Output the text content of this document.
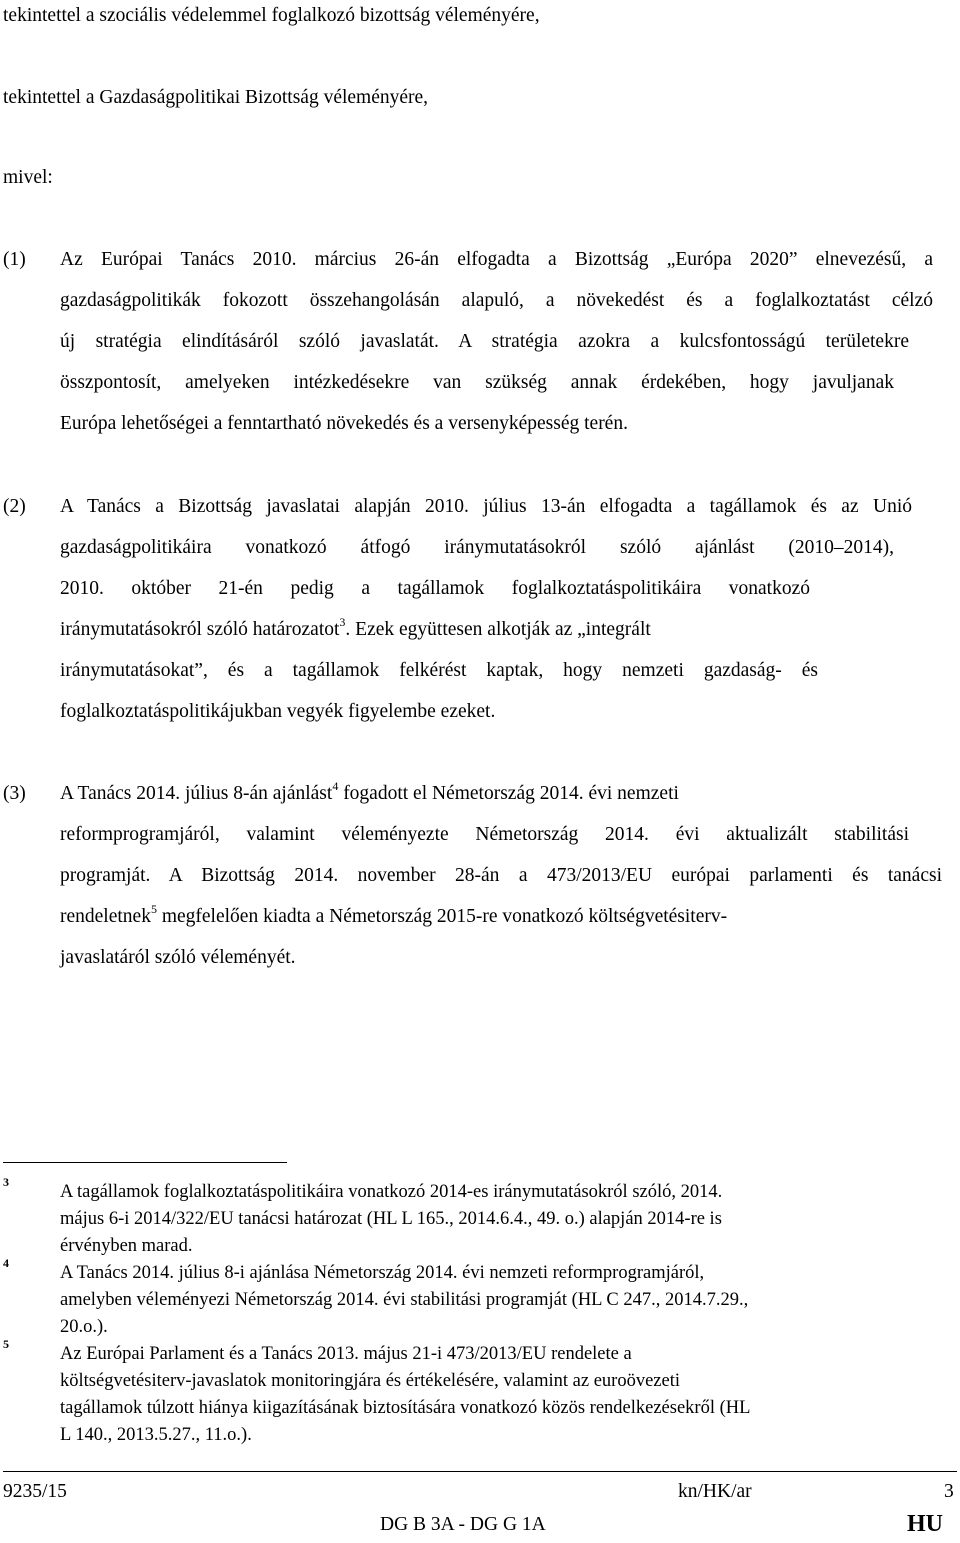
tekintettel a szociális védelemmel foglalkozó bizottság véleményére,
tekintettel a Gazdaságpolitikai Bizottság véleményére,
mivel:
(1) Az Európai Tanács 2010. március 26-án elfogadta a Bizottság „Európa 2020” elnevezésű, a
gazdaságpolitikák fokozott összehangolásán alapuló, a növekedést és a foglalkoztatást célzó
új stratégia elindításáról szóló javaslatát. A stratégia azokra a kulcsfontosságú területekre
összpontosít, amelyeken intézkedésekre van szükség annak érdekében, hogy javuljanak
Európa lehetőségei a fenntartható növekedés és a versenyképesség terén.
(2) A Tanács a Bizottság javaslatai alapján 2010. július 13-án elfogadta a tagállamok és az Unió
gazdaságpolitikáira vonatkozó átfogó iránymutatásokról szóló ajánlást (2010–2014),
2010. október 21-én pedig a tagállamok foglalkoztatáspolitikáira vonatkozó
iránymutatásokról szóló határozatot$^3$. Ezek együttesen alkotják az „integrált
iránymutatásokat”, és a tagállamok felkérést kaptak, hogy nemzeti gazdaság- és
foglalkoztatáspolitikájukban vegyék figyelembe ezeket.
(3) A Tanács 2014. július 8-án ajánlást$^4$ fogadott el Németország 2014. évi nemzeti
reformprogramjáról, valamint véleményezte Németország 2014. évi aktualizált stabilitási
programját. A Bizottság 2014. november 28-án a 473/2013/EU európai parlamenti és tanácsi
rendeletnek$^5$ megfelelően kiadta a Németország 2015-re vonatkozó költségvetésiterv-
javaslatáról szóló véleményét.
3	A tagállamok foglalkoztatáspolitikáira vonatkozó 2014-es iránymutatásokról szóló, 2014.
május 6-i 2014/322/EU tanácsi határozat (HL L 165., 2014.6.4., 49. o.) alapján 2014-re is
érvényben marad.
4	A Tanács 2014. július 8-i ajánlása Németország 2014. évi nemzeti reformprogramjáról,
amelyben véleményezi Németország 2014. évi stabilitási programját (HL C 247., 2014.7.29.,
20.o.).
5	Az Európai Parlament és a Tanács 2013. május 21-i 473/2013/EU rendelete a
költségvetésiterv-javaslatok monitoringjára és értékelésére, valamint az euroövezeti
tagállamok túlzott hiánya kiigazításának biztosítására vonatkozó közös rendelkezésekről (HL
L 140., 2013.5.27., 11.o.).
9235/15	kn/HK/ar	3
DG B 3A - DG G 1A	HU
